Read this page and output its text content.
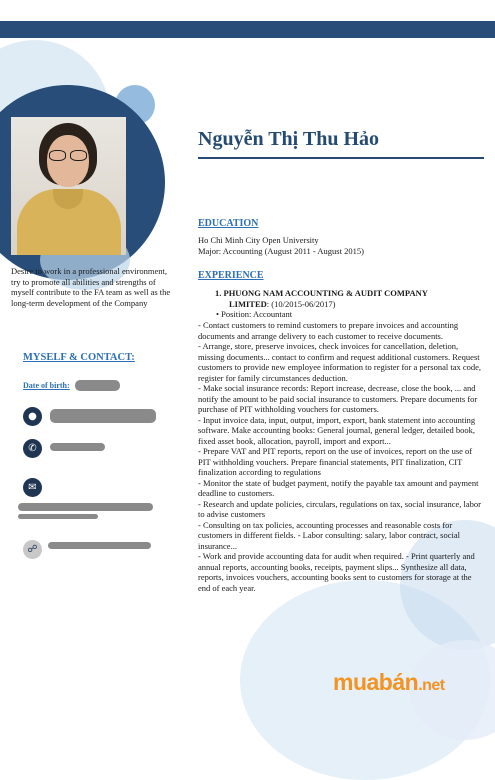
Desire to work in a professional environment, try to promote all abilities and strengths of myself contribute to the FA team as well as the long-term development of the Company
MYSELF & CONTACT:
Date of birth:
●
✆
✉
☍
Nguyễn Thị Thu Hảo
EDUCATION
Ho Chi Minh City Open University
Major: Accounting (August 2011 - August 2015)
EXPERIENCE
1. PHUONG NAM ACCOUNTING & AUDIT COMPANY
LIMITED: (10/2015-06/2017)
• Position: Accountant

- Contact customers to remind customers to prepare invoices and accounting documents and arrange delivery to each customer to receive documents.

- Arrange, store, preserve invoices, check invoices for cancellation, deletion, missing documents... contact to confirm and request additional customers. Request customers to provide new employee information to register for a personal tax code, register for family circumstances deduction.

- Make social insurance records: Report increase, decrease, close the book, ... and notify the amount to be paid social insurance to customers. Prepare documents for purchase of PIT withholding vouchers for customers.

- Input invoice data, input, output, import, export, bank statement into accounting software. Make accounting books: General journal, general ledger, detailed book, fixed asset book, allocation, payroll, import and export...

- Prepare VAT and PIT reports, report on the use of invoices, report on the use of PIT withholding vouchers. Prepare financial statements, PIT finalization, CIT finalization according to regulations

- Monitor the state of budget payment, notify the payable tax amount and payment deadline to customers.

- Research and update policies, circulars, regulations on tax, social insurance, labor to advise customers

- Consulting on tax policies, accounting processes and reasonable costs for customers in different fields. - Labor consulting: salary, labor contract, social insurance...

- Work and provide accounting data for audit when required. - Print quarterly and annual reports, accounting books, receipts, payment slips... Synthesize all data, reports, invoices vouchers, accounting books sent to customers for storage at the end of each year.

muabán.net
